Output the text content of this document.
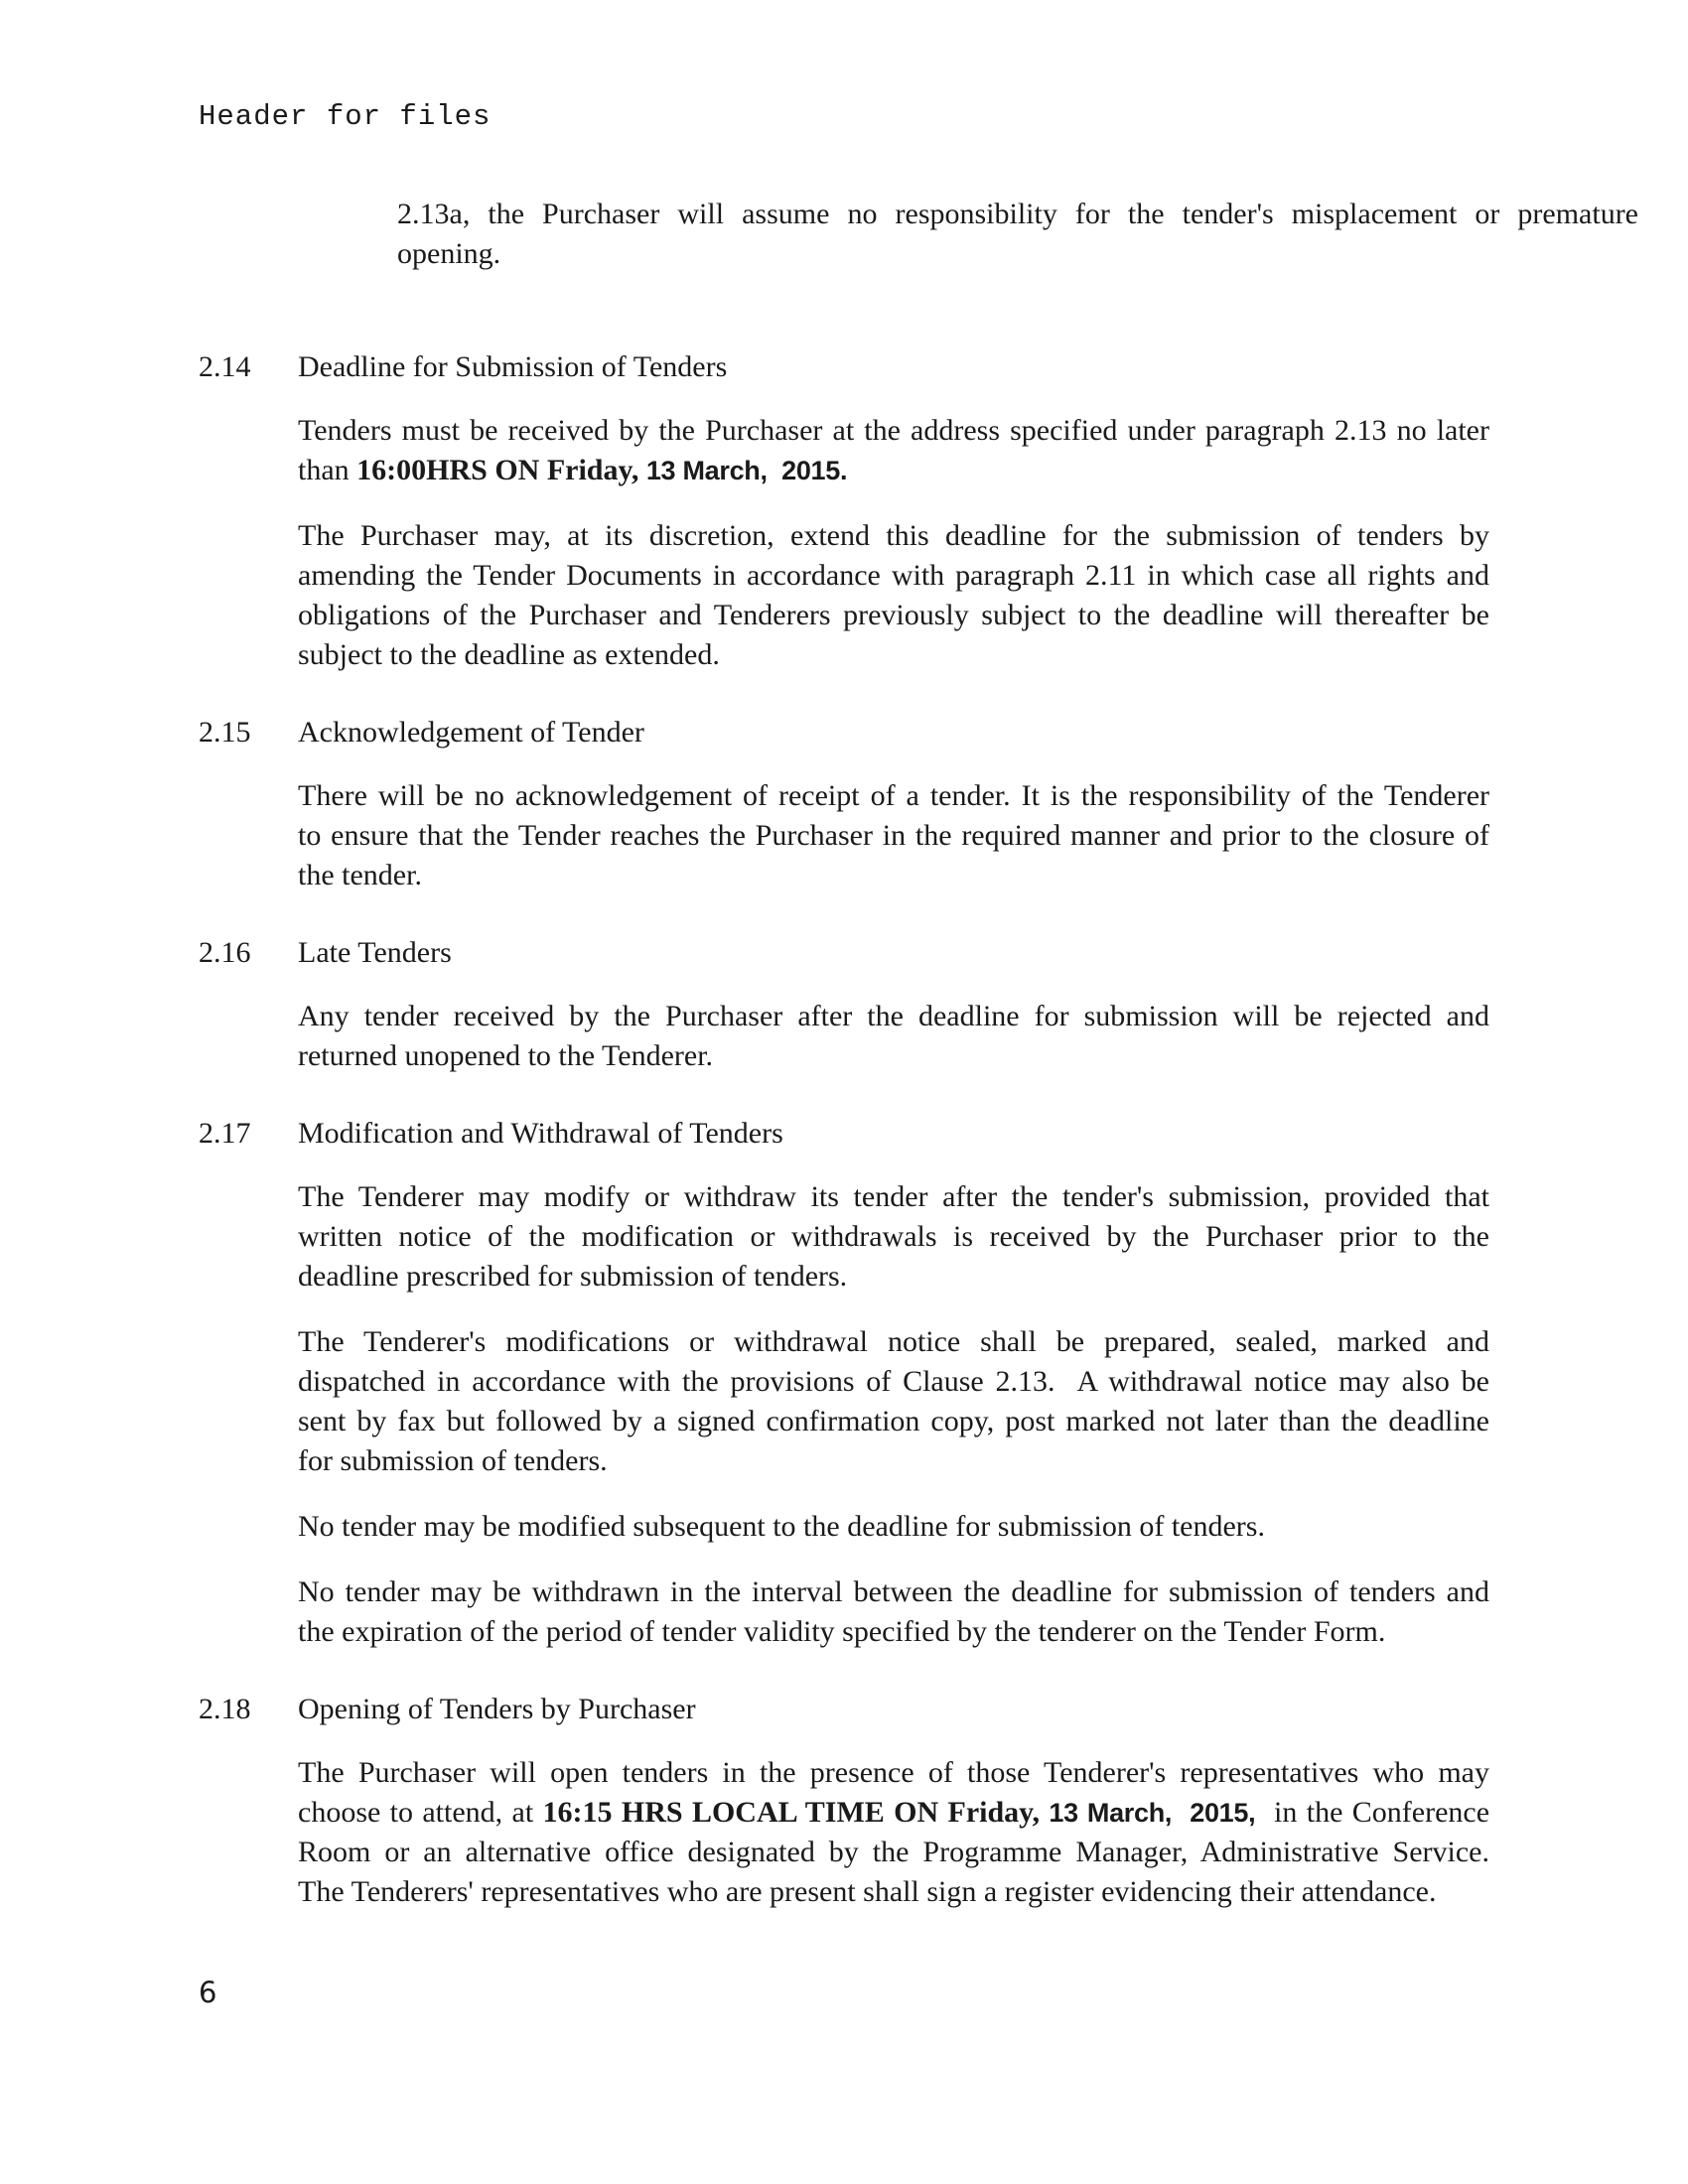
Header for files
2.13a, the Purchaser will assume no responsibility for the tender's misplacement or premature
opening.
2.14	Deadline for Submission of Tenders
Tenders must be received by the Purchaser at the address specified under paragraph 2.13 no later
than 16:00HRS ON Friday, 13 March,  2015.
The Purchaser may, at its discretion, extend this deadline for the submission of tenders by
amending the Tender Documents in accordance with paragraph 2.11 in which case all rights and
obligations of the Purchaser and Tenderers previously subject to the deadline will thereafter be
subject to the deadline as extended.
2.15	Acknowledgement of Tender
There will be no acknowledgement of receipt of a tender. It is the responsibility of the Tenderer
to ensure that the Tender reaches the Purchaser in the required manner and prior to the closure of
the tender.
2.16	Late Tenders
Any tender received by the Purchaser after the deadline for submission will be rejected and
returned unopened to the Tenderer.
2.17	Modification and Withdrawal of Tenders
The Tenderer may modify or withdraw its tender after the tender's submission, provided that
written notice of the modification or withdrawals is received by the Purchaser prior to the
deadline prescribed for submission of tenders.
The Tenderer's modifications or withdrawal notice shall be prepared, sealed, marked and
dispatched in accordance with the provisions of Clause 2.13.  A withdrawal notice may also be
sent by fax but followed by a signed confirmation copy, post marked not later than the deadline
for submission of tenders.
No tender may be modified subsequent to the deadline for submission of tenders.
No tender may be withdrawn in the interval between the deadline for submission of tenders and
the expiration of the period of tender validity specified by the tenderer on the Tender Form.
2.18	Opening of Tenders by Purchaser
The Purchaser will open tenders in the presence of those Tenderer's representatives who may
choose to attend, at 16:15 HRS LOCAL TIME ON Friday, 13 March,  2015,  in the Conference
Room or an alternative office designated by the Programme Manager, Administrative Service.
The Tenderers' representatives who are present shall sign a register evidencing their attendance.
6
